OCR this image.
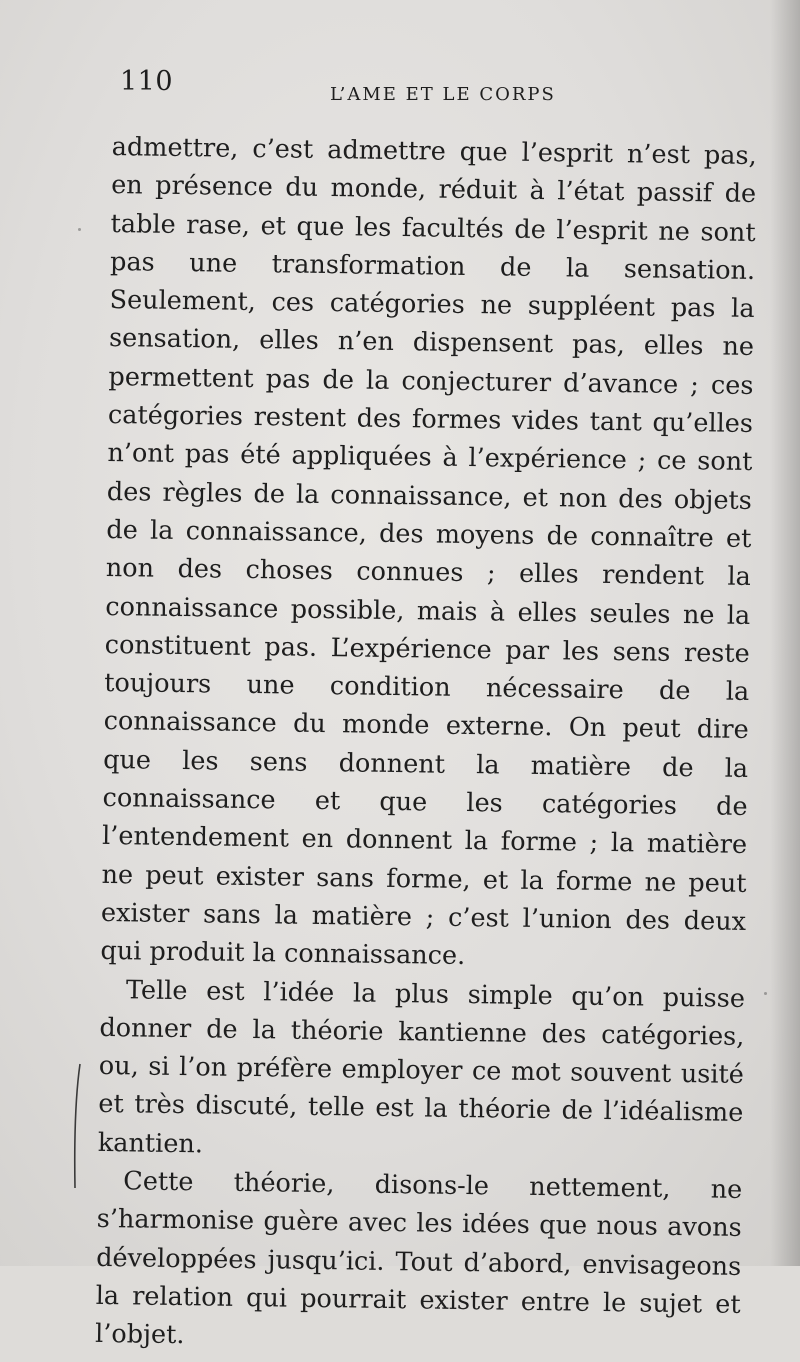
110	L’AME ET LE CORPS

admettre, c’est admettre que l’esprit n’est pas, en présence du monde, réduit à l’état passif de table rase, et que les facultés de l’esprit ne sont pas une transformation de la sensation. Seulement, ces catégories ne suppléent pas la sensation, elles n’en dispensent pas, elles ne permettent pas de la conjecturer d’avance ; ces catégories restent des formes vides tant qu’elles n’ont pas été appliquées à l’expérience ; ce sont des règles de la connaissance, et non des objets de la connaissance, des moyens de connaître et non des choses connues ; elles rendent la connaissance possible, mais à elles seules ne la constituent pas. L’expérience par les sens reste toujours une condition nécessaire de la connaissance du monde externe. On peut dire que les sens donnent la matière de la connaissance et que les catégories de l’entendement en donnent la forme ; la matière ne peut exister sans forme, et la forme ne peut exister sans la matière ; c’est l’union des deux qui produit la connaissance.

Telle est l’idée la plus simple qu’on puisse donner de la théorie kantienne des catégories, ou, si l’on préfère employer ce mot souvent usité et très discuté, telle est la théorie de l’idéalisme kantien.

Cette théorie, disons-le nettement, ne s’harmonise guère avec les idées que nous avons développées jusqu’ici. Tout d’abord, envisageons la relation qui pourrait exister entre le sujet et l’objet.
